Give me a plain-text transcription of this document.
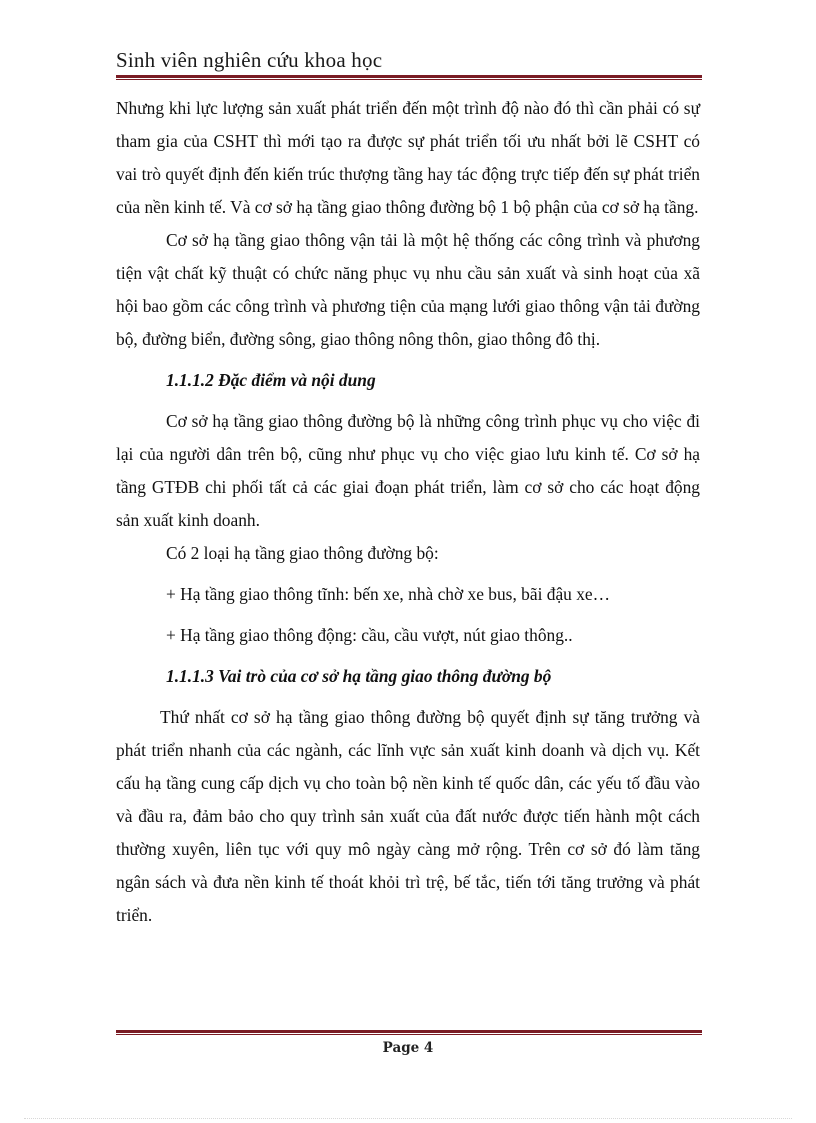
Sinh viên nghiên cứu khoa học

Nhưng khi lực lượng sản xuất phát triển đến một trình độ nào đó thì cần phải có sự tham gia của CSHT thì mới tạo ra được sự phát triển tối ưu nhất bởi lẽ CSHT có vai trò quyết định đến kiến trúc thượng tầng hay tác động trực tiếp đến sự phát triển của nền kinh tế. Và cơ sở hạ tầng giao thông đường bộ 1 bộ phận của cơ sở hạ tầng.

Cơ sở hạ tầng giao thông vận tải là một hệ thống các công trình và phương tiện vật chất kỹ thuật có chức năng phục vụ nhu cầu sản xuất và sinh hoạt của xã hội bao gồm các công trình và phương tiện của mạng lưới giao thông vận tải đường bộ, đường biển, đường sông, giao thông nông thôn, giao thông đô thị.

1.1.1.2 Đặc điểm và nội dung

Cơ sở hạ tầng giao thông đường bộ là những công trình phục vụ cho việc đi lại của người dân trên bộ, cũng như phục vụ cho việc giao lưu kinh tế. Cơ sở hạ tầng GTĐB chi phối tất cả các giai đoạn phát triển, làm cơ sở cho các hoạt động sản xuất kinh doanh.

Có 2 loại hạ tầng giao thông đường bộ:

+ Hạ tầng giao thông tĩnh: bến xe, nhà chờ xe bus, bãi đậu xe…

+ Hạ tầng giao thông động: cầu, cầu vượt, nút giao thông..

1.1.1.3 Vai trò của cơ sở hạ tầng giao thông đường bộ

Thứ nhất cơ sở hạ tầng giao thông đường bộ quyết định sự tăng trưởng và phát triển nhanh của các ngành, các lĩnh vực sản xuất kinh doanh và dịch vụ. Kết cấu hạ tầng cung cấp dịch vụ cho toàn bộ nền kinh tế quốc dân, các yếu tố đầu vào và đầu ra, đảm bảo cho quy trình sản xuất của đất nước được tiến hành một cách thường xuyên, liên tục với quy mô ngày càng mở rộng. Trên cơ sở đó làm tăng ngân sách và đưa nền kinh tế thoát khỏi trì trệ, bế tắc, tiến tới tăng trưởng và phát triển.

Page 4
